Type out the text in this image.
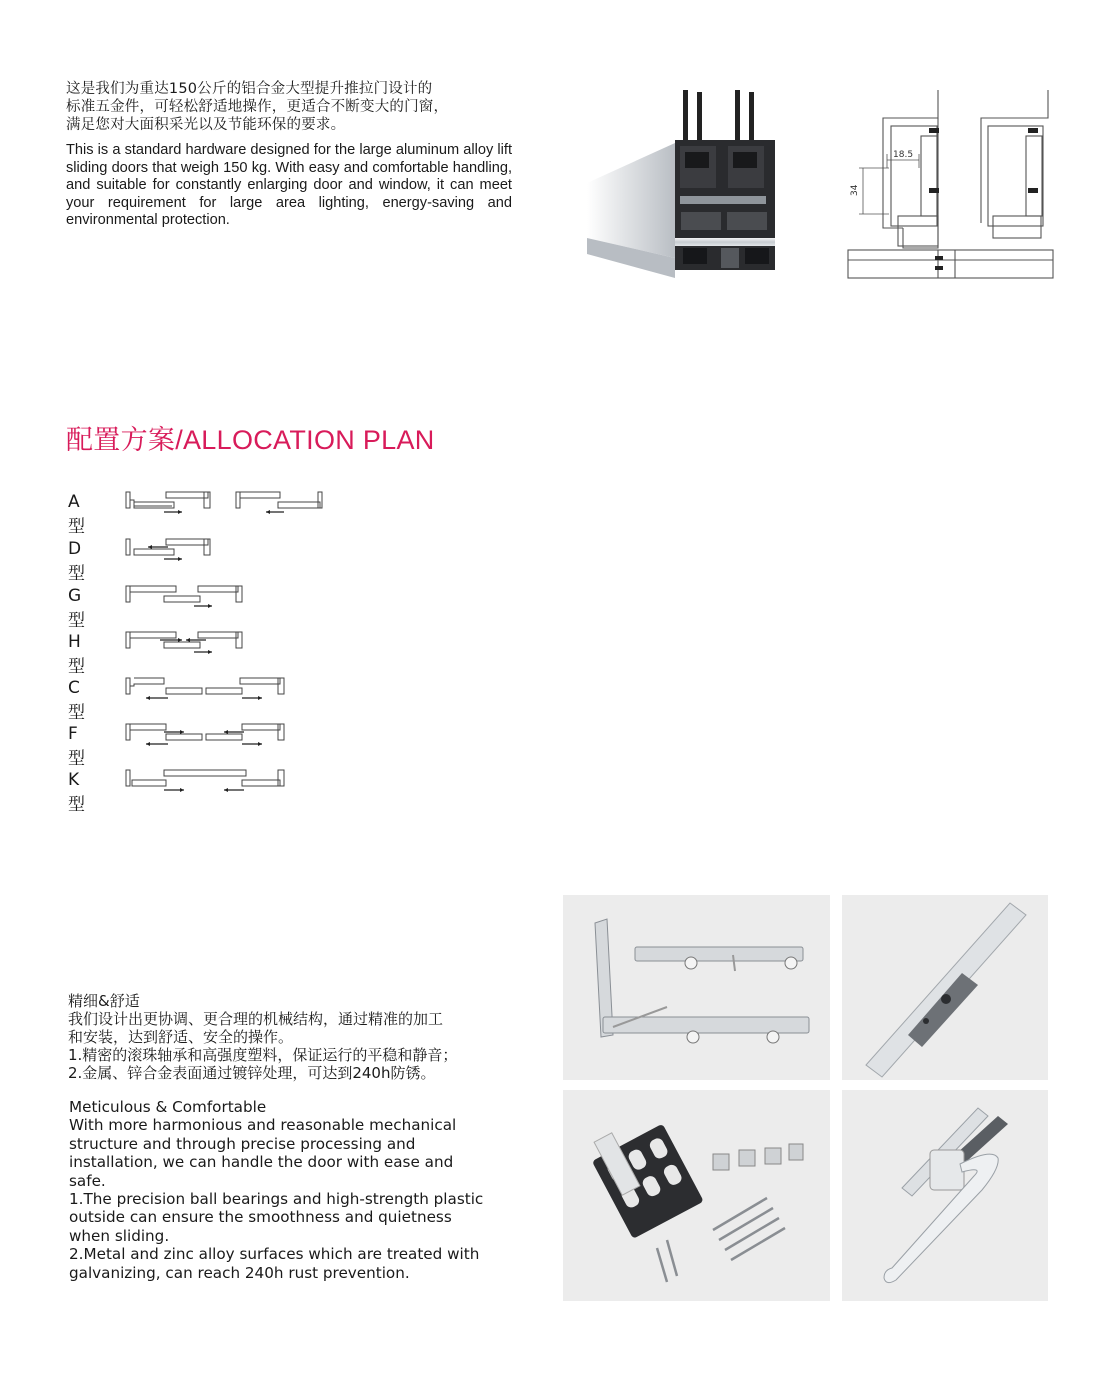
这是我们为重达150公斤的铝合金大型提升推拉门设计的
标准五金件，可轻松舒适地操作，更适合不断变大的门窗，
满足您对大面积采光以及节能环保的要求。
This is a standard hardware designed for the large aluminum alloy lift sliding doors that weigh 150 kg. With easy and comfortable handling, and suitable for constantly enlarging door and window, it can meet your requirement for large area lighting, energy-saving and environmental protection.
18.5
34
配置方案/ALLOCATION PLAN
A型
D型
G型
H型
C型
F型
K型
精细&舒适
我们设计出更协调、更合理的机械结构，通过精准的加工
和安装，达到舒适、安全的操作。
1.精密的滚珠轴承和高强度塑料，保证运行的平稳和静音；
2.金属、锌合金表面通过镀锌处理，可达到240h防锈。
Meticulous & Comfortable
With more harmonious and reasonable mechanical
structure and through precise processing and
installation, we can handle the door with ease and
safe.
1.The precision ball bearings and high-strength plastic
outside can ensure the smoothness and quietness
when sliding.
2.Metal and zinc alloy surfaces which are treated with
galvanizing, can reach 240h rust prevention.
